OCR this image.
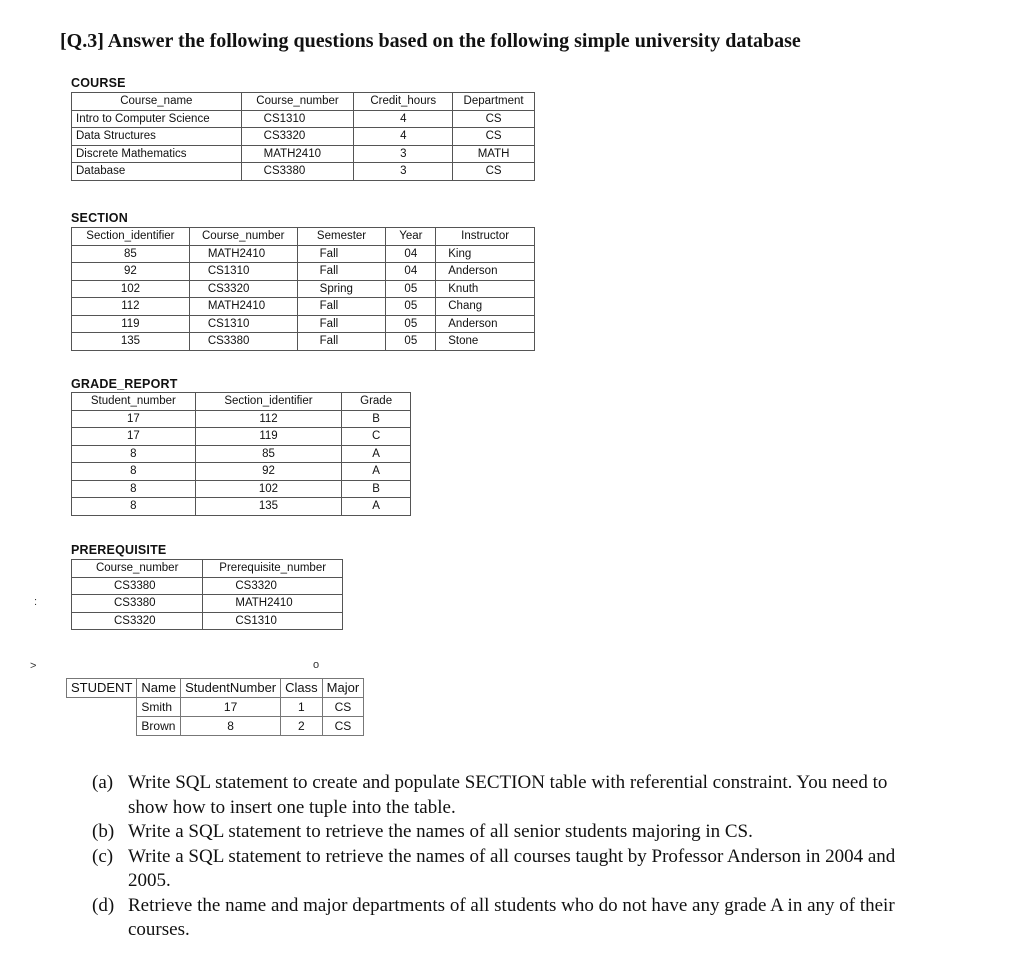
[Q.3] Answer the following questions based on the following simple university database
COURSE
Course_name	Course_number	Credit_hours	Department
Intro to Computer Science	CS1310	4	CS
Data Structures	CS3320	4	CS
Discrete Mathematics	MATH2410	3	MATH
Database	CS3380	3	CS
SECTION
Section_identifier	Course_number	Semester	Year	Instructor
85	MATH2410	Fall	04	King
92	CS1310	Fall	04	Anderson
102	CS3320	Spring	05	Knuth
112	MATH2410	Fall	05	Chang
119	CS1310	Fall	05	Anderson
135	CS3380	Fall	05	Stone
GRADE_REPORT
Student_number	Section_identifier	Grade
17	112	B
17	119	C
8	85	A
8	92	A
8	102	B
8	135	A
PREREQUISITE
:
Course_number	Prerequisite_number
CS3380	CS3320
CS3380	MATH2410
CS3320	CS1310
>	o
STUDENT	Name	StudentNumber	Class	Major
	Smith	17	1	CS
	Brown	8	2	CS
(a) Write SQL statement to create and populate SECTION table with referential constraint. You need to show how to insert one tuple into the table.
(b) Write a SQL statement to retrieve the names of all senior students majoring in CS.
(c) Write a SQL statement to retrieve the names of all courses taught by Professor Anderson in 2004 and 2005.
(d) Retrieve the name and major departments of all students who do not have any grade A in any of their courses.
